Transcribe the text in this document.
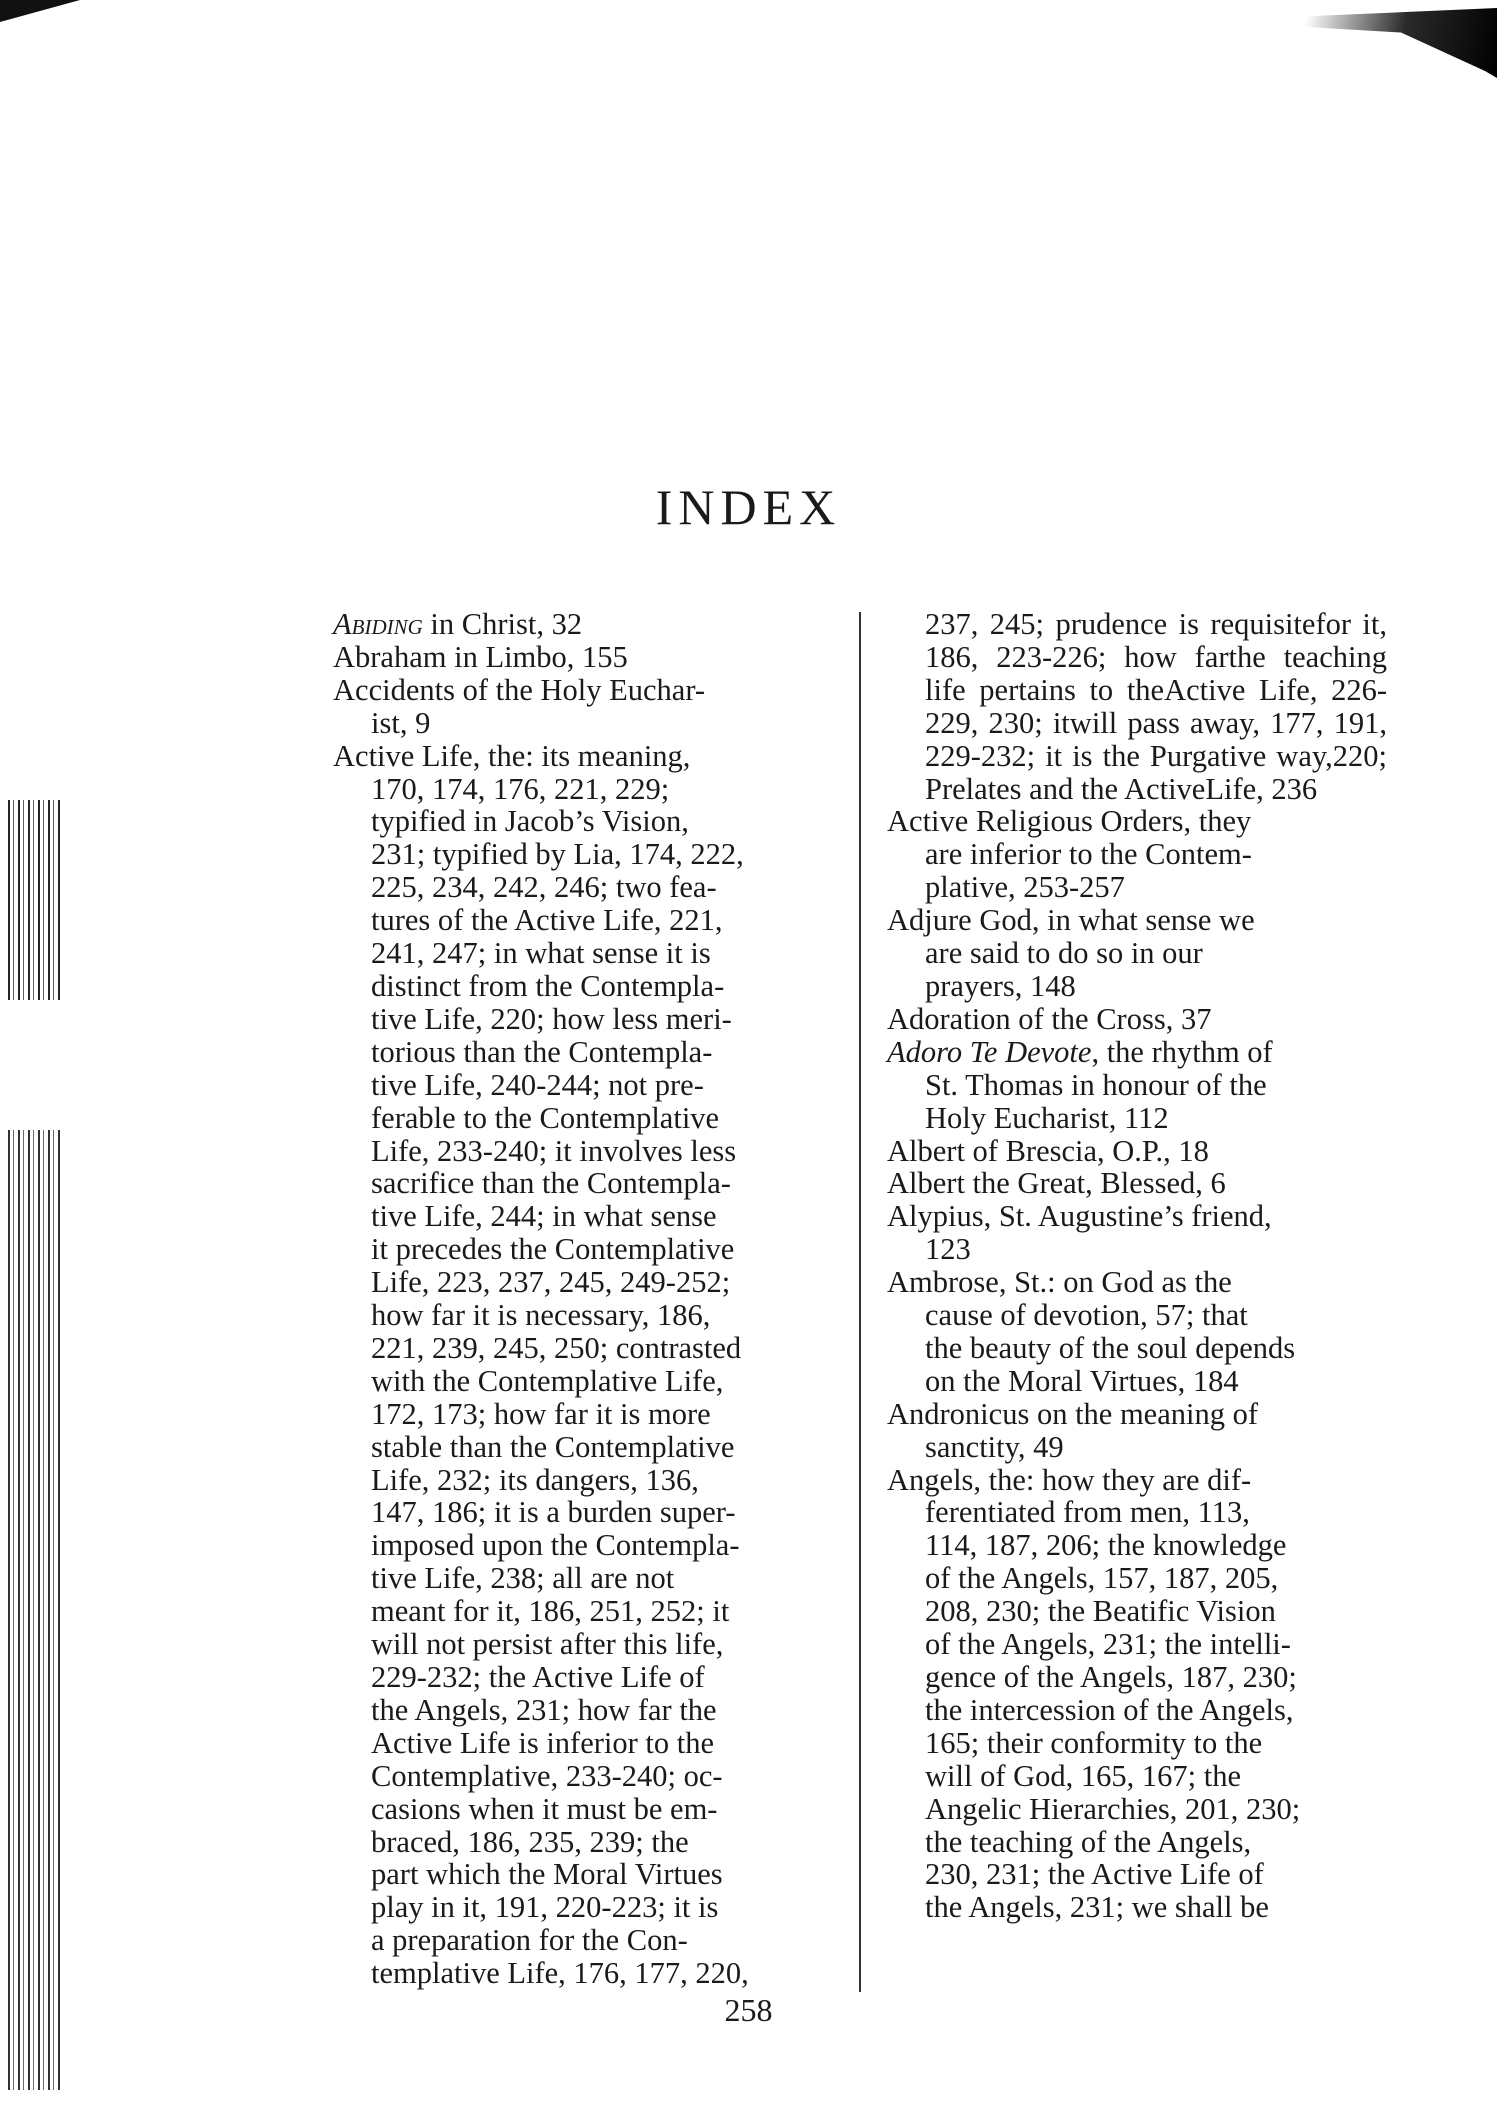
INDEX
Abiding in Christ, 32
Abraham in Limbo, 155
Accidents of the Holy Euchar-
ist, 9
Active Life, the: its meaning,
170, 174, 176, 221, 229;
typified in Jacob’s Vision,
231; typified by Lia, 174, 222,
225, 234, 242, 246; two fea-
tures of the Active Life, 221,
241, 247; in what sense it is
distinct from the Contempla-
tive Life, 220; how less meri-
torious than the Contempla-
tive Life, 240-244; not pre-
ferable to the Contemplative
Life, 233-240; it involves less
sacrifice than the Contempla-
tive Life, 244; in what sense
it precedes the Contemplative
Life, 223, 237, 245, 249-252;
how far it is necessary, 186,
221, 239, 245, 250; contrasted
with the Contemplative Life,
172, 173; how far it is more
stable than the Contemplative
Life, 232; its dangers, 136,
147, 186; it is a burden super-
imposed upon the Contempla-
tive Life, 238; all are not
meant for it, 186, 251, 252; it
will not persist after this life,
229-232; the Active Life of
the Angels, 231; how far the
Active Life is inferior to the
Contemplative, 233-240; oc-
casions when it must be em-
braced, 186, 235, 239; the
part which the Moral Virtues
play in it, 191, 220-223; it is
a preparation for the Con-
templative Life, 176, 177, 220,
237, 245; prudence is requisitefor it, 186, 223-226; how farthe teaching life pertains to theActive Life, 226-229, 230; itwill pass away, 177, 191, 229-232; it is the Purgative way,220; Prelates and the ActiveLife, 236
Active Religious Orders, they
are inferior to the Contem-
plative, 253-257
Adjure God, in what sense we
are said to do so in our
prayers, 148
Adoration of the Cross, 37
Adoro Te Devote, the rhythm of
St. Thomas in honour of the
Holy Eucharist, 112
Albert of Brescia, O.P., 18
Albert the Great, Blessed, 6
Alypius, St. Augustine’s friend,
123
Ambrose, St.: on God as the
cause of devotion, 57; that
the beauty of the soul depends
on the Moral Virtues, 184
Andronicus on the meaning of
sanctity, 49
Angels, the: how they are dif-
ferentiated from men, 113,
114, 187, 206; the knowledge
of the Angels, 157, 187, 205,
208, 230; the Beatific Vision
of the Angels, 231; the intelli-
gence of the Angels, 187, 230;
the intercession of the Angels,
165; their conformity to the
will of God, 165, 167; the
Angelic Hierarchies, 201, 230;
the teaching of the Angels,
230, 231; the Active Life of
the Angels, 231; we shall be
258
